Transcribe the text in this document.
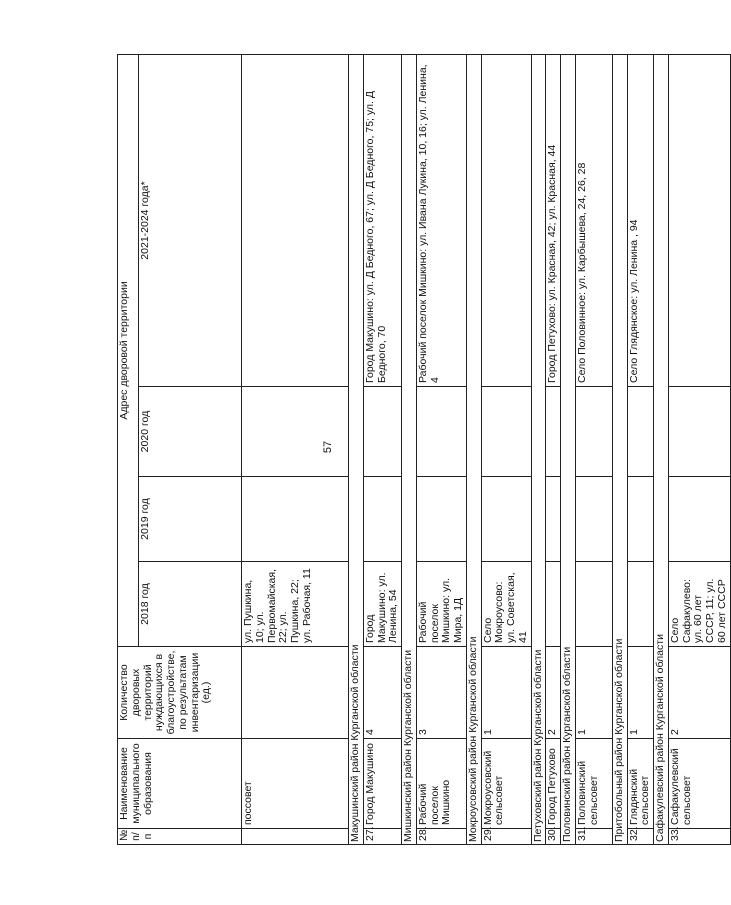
57
№ п/п	Наименование муниципального образования	Количество дворовых территорий нуждающихся в благоустройстве, по результатам инвентаризации (ед.)	Адрес дворовой территории			
			2018 год	2019 год	2020 год	2021-2024 года*
	поссовет		ул. Пушкина, 10; ул. Первомайская, 22; ул. Пушкина, 22; ул. Рабочая, 11			
Макушинский район Курганской области						
27.	Город Макушино	4	Город Макушино: ул. Ленина, 54			Город Макушино: ул. Д Бедного, 67; ул. Д Бедного, 75; ул. Д Бедного, 70
Мишкинский район Курганской области						
28.	Рабочий поселок Мишкино	3	Рабочий поселок Мишкино: ул. Мира, 1Д			Рабочий поселок Мишкино: ул. Ивана Лукина, 10, 16; ул. Ленина, 4
Мокроусовский район Курганской области						
29.	Мокроусовский сельсовет	1	Село Мокроусово: ул. Советская, 41			
Петуховский район Курганской области						
30.	Город Петухово	2				Город Петухово: ул. Красная, 42; ул. Красная, 44
Половинский район Курганской области						
31.	Половинский сельсовет	1				Село Половинное: ул. Карбышева, 24, 26, 28
Притобольный район Курганской области						
32.	Глядянский сельсовет	1				Село Глядянское: ул. Ленина , 94
Сафакулевский район Курганской области						
33.	Сафакулевский сельсовет	2	Село Сафакулево: ул. 60 лет СССР, 11; ул. 60 лет СССР			
